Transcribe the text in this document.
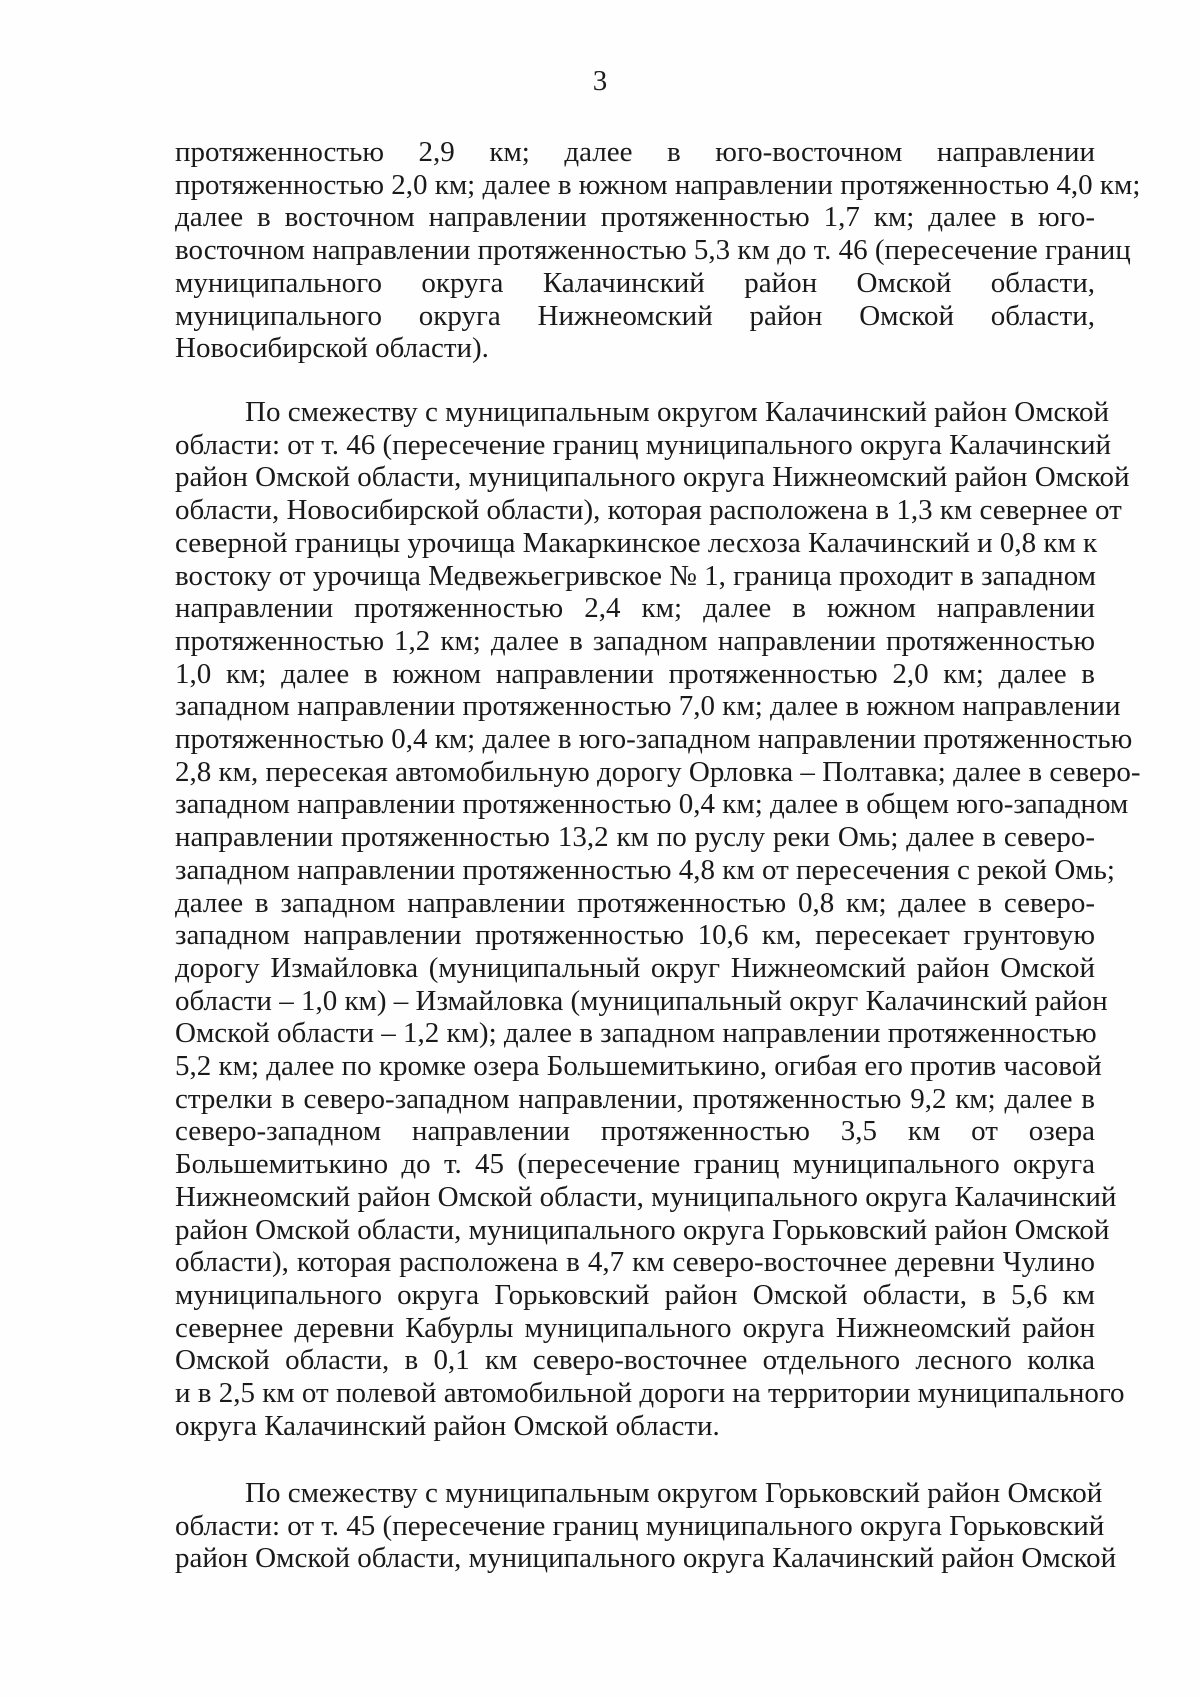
3

протяженностью 2,9 км; далее в юго-восточном направлении
протяженностью 2,0 км; далее в южном направлении протяженностью 4,0 км;
далее в восточном направлении протяженностью 1,7 км; далее в юго-
восточном направлении протяженностью 5,3 км до т. 46 (пересечение границ
муниципального округа Калачинский район Омской области,
муниципального округа Нижнеомский район Омской области,
Новосибирской области).

По смежеству с муниципальным округом Калачинский район Омской
области: от т. 46 (пересечение границ муниципального округа Калачинский
район Омской области, муниципального округа Нижнеомский район Омской
области, Новосибирской области), которая расположена в 1,3 км севернее от
северной границы урочища Макаркинское лесхоза Калачинский и 0,8 км к
востоку от урочища Медвежьегривское № 1, граница проходит в западном
направлении протяженностью 2,4 км; далее в южном направлении
протяженностью 1,2 км; далее в западном направлении протяженностью
1,0 км; далее в южном направлении протяженностью 2,0 км; далее в
западном направлении протяженностью 7,0 км; далее в южном направлении
протяженностью 0,4 км; далее в юго-западном направлении протяженностью
2,8 км, пересекая автомобильную дорогу Орловка – Полтавка; далее в северо-
западном направлении протяженностью 0,4 км; далее в общем юго-западном
направлении протяженностью 13,2 км по руслу реки Омь; далее в северо-
западном направлении протяженностью 4,8 км от пересечения с рекой Омь;
далее в западном направлении протяженностью 0,8 км; далее в северо-
западном направлении протяженностью 10,6 км, пересекает грунтовую
дорогу Измайловка (муниципальный округ Нижнеомский район Омской
области – 1,0 км) – Измайловка (муниципальный округ Калачинский район
Омской области – 1,2 км); далее в западном направлении протяженностью
5,2 км; далее по кромке озера Большемитькино, огибая его против часовой
стрелки в северо-западном направлении, протяженностью 9,2 км; далее в
северо-западном направлении протяженностью 3,5 км от озера
Большемитькино до т. 45 (пересечение границ муниципального округа
Нижнеомский район Омской области, муниципального округа Калачинский
район Омской области, муниципального округа Горьковский район Омской
области), которая расположена в 4,7 км северо-восточнее деревни Чулино
муниципального округа Горьковский район Омской области, в 5,6 км
севернее деревни Кабурлы муниципального округа Нижнеомский район
Омской области, в 0,1 км северо-восточнее отдельного лесного колка
и в 2,5 км от полевой автомобильной дороги на территории муниципального
округа Калачинский район Омской области.

По смежеству с муниципальным округом Горьковский район Омской
области: от т. 45 (пересечение границ муниципального округа Горьковский
район Омской области, муниципального округа Калачинский район Омской
